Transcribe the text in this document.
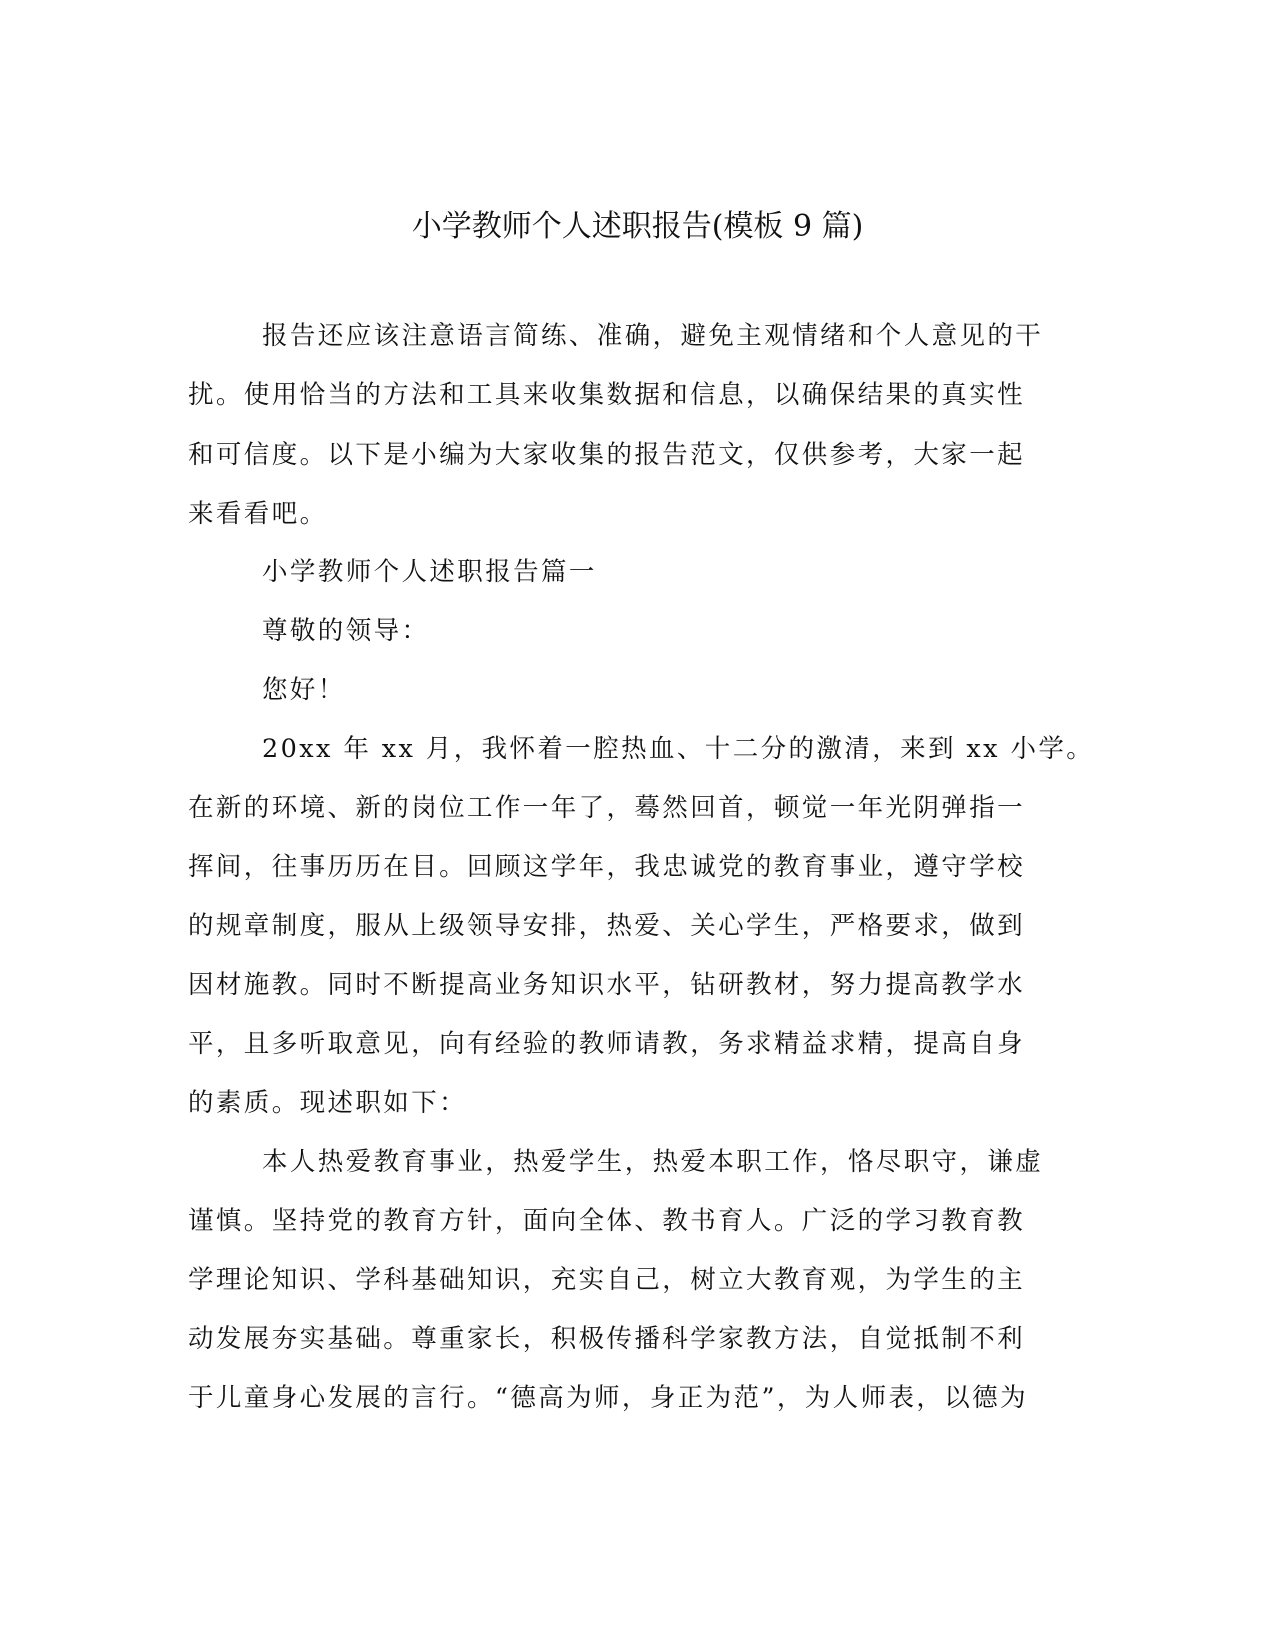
小学教师个人述职报告(模板 9 篇)
报告还应该注意语言简练、准确，避免主观情绪和个人意见的干
扰。使用恰当的方法和工具来收集数据和信息，以确保结果的真实性
和可信度。以下是小编为大家收集的报告范文，仅供参考，大家一起
来看看吧。
小学教师个人述职报告篇一
尊敬的领导：
您好！
20xx 年 xx 月，我怀着一腔热血、十二分的激清，来到 xx 小学。
在新的环境、新的岗位工作一年了，蓦然回首，顿觉一年光阴弹指一
挥间，往事历历在目。回顾这学年，我忠诚党的教育事业，遵守学校
的规章制度，服从上级领导安排，热爱、关心学生，严格要求，做到
因材施教。同时不断提高业务知识水平，钻研教材，努力提高教学水
平，且多听取意见，向有经验的教师请教，务求精益求精，提高自身
的素质。现述职如下：
本人热爱教育事业，热爱学生，热爱本职工作，恪尽职守，谦虚
谨慎。坚持党的教育方针，面向全体、教书育人。广泛的学习教育教
学理论知识、学科基础知识，充实自己，树立大教育观，为学生的主
动发展夯实基础。尊重家长，积极传播科学家教方法，自觉抵制不利
于儿童身心发展的言行。“德高为师，身正为范”，为人师表，以德为
